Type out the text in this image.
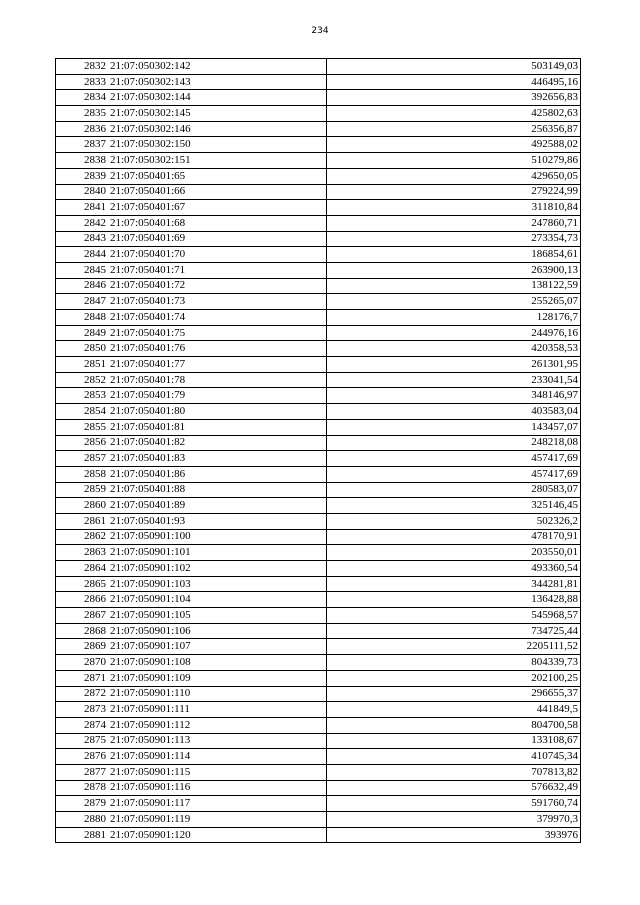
234
2832	21:07:050302:142	503149,03
2833	21:07:050302:143	446495,16
2834	21:07:050302:144	392656,83
2835	21:07:050302:145	425802,63
2836	21:07:050302:146	256356,87
2837	21:07:050302:150	492588,02
2838	21:07:050302:151	510279,86
2839	21:07:050401:65	429650,05
2840	21:07:050401:66	279224,99
2841	21:07:050401:67	311810,84
2842	21:07:050401:68	247860,71
2843	21:07:050401:69	273354,73
2844	21:07:050401:70	186854,61
2845	21:07:050401:71	263900,13
2846	21:07:050401:72	138122,59
2847	21:07:050401:73	255265,07
2848	21:07:050401:74	128176,7
2849	21:07:050401:75	244976,16
2850	21:07:050401:76	420358,53
2851	21:07:050401:77	261301,95
2852	21:07:050401:78	233041,54
2853	21:07:050401:79	348146,97
2854	21:07:050401:80	403583,04
2855	21:07:050401:81	143457,07
2856	21:07:050401:82	248218,08
2857	21:07:050401:83	457417,69
2858	21:07:050401:86	457417,69
2859	21:07:050401:88	280583,07
2860	21:07:050401:89	325146,45
2861	21:07:050401:93	502326,2
2862	21:07:050901:100	478170,91
2863	21:07:050901:101	203550,01
2864	21:07:050901:102	493360,54
2865	21:07:050901:103	344281,81
2866	21:07:050901:104	136428,88
2867	21:07:050901:105	545968,57
2868	21:07:050901:106	734725,44
2869	21:07:050901:107	2205111,52
2870	21:07:050901:108	804339,73
2871	21:07:050901:109	202100,25
2872	21:07:050901:110	296655,37
2873	21:07:050901:111	441849,5
2874	21:07:050901:112	804700,58
2875	21:07:050901:113	133108,67
2876	21:07:050901:114	410745,34
2877	21:07:050901:115	707813,82
2878	21:07:050901:116	576632,49
2879	21:07:050901:117	591760,74
2880	21:07:050901:119	379970,3
2881	21:07:050901:120	393976
